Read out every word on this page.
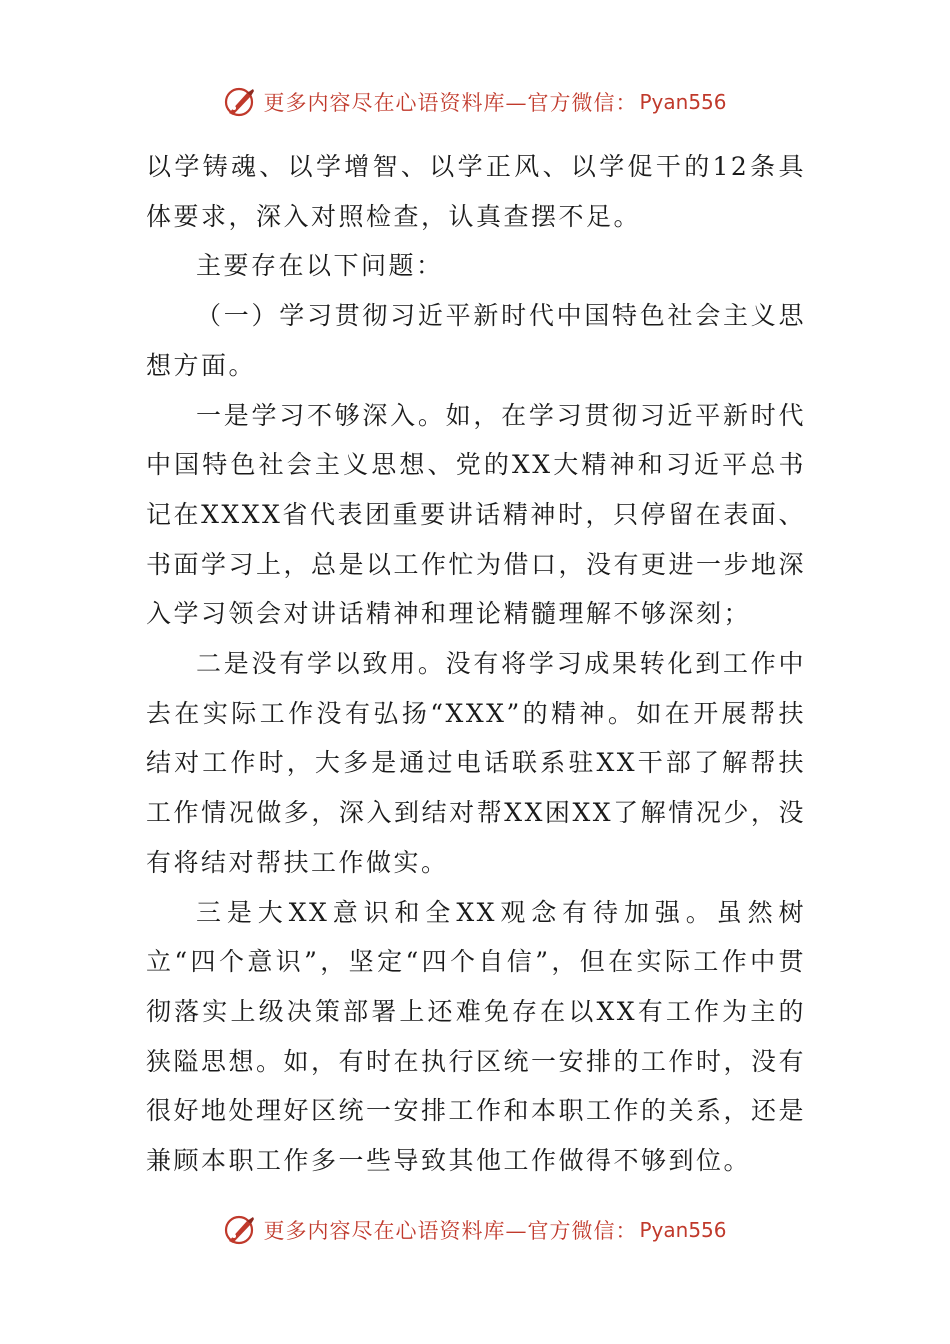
更多内容尽在心语资料库—官方微信： Pyan556

以学铸魂、以学增智、以学正风、以学促干的12条具体要求，深入对照检查，认真查摆不足。

主要存在以下问题：

（一）学习贯彻习近平新时代中国特色社会主义思想方面。

一是学习不够深入。如，在学习贯彻习近平新时代中国特色社会主义思想、党的XX大精神和习近平总书记在XXXX省代表团重要讲话精神时，只停留在表面、书面学习上，总是以工作忙为借口，没有更进一步地深入学习领会对讲话精神和理论精髓理解不够深刻；

二是没有学以致用。没有将学习成果转化到工作中去在实际工作没有弘扬“XXX”的精神。如在开展帮扶结对工作时，大多是通过电话联系驻XX干部了解帮扶工作情况做多，深入到结对帮XX困XX了解情况少，没有将结对帮扶工作做实。

三是大XX意识和全XX观念有待加强。虽然树立“四个意识”，坚定“四个自信”，但在实际工作中贯彻落实上级决策部署上还难免存在以XX有工作为主的狭隘思想。如，有时在执行区统一安排的工作时，没有很好地处理好区统一安排工作和本职工作的关系，还是兼顾本职工作多一些导致其他工作做得不够到位。

更多内容尽在心语资料库—官方微信： Pyan556
